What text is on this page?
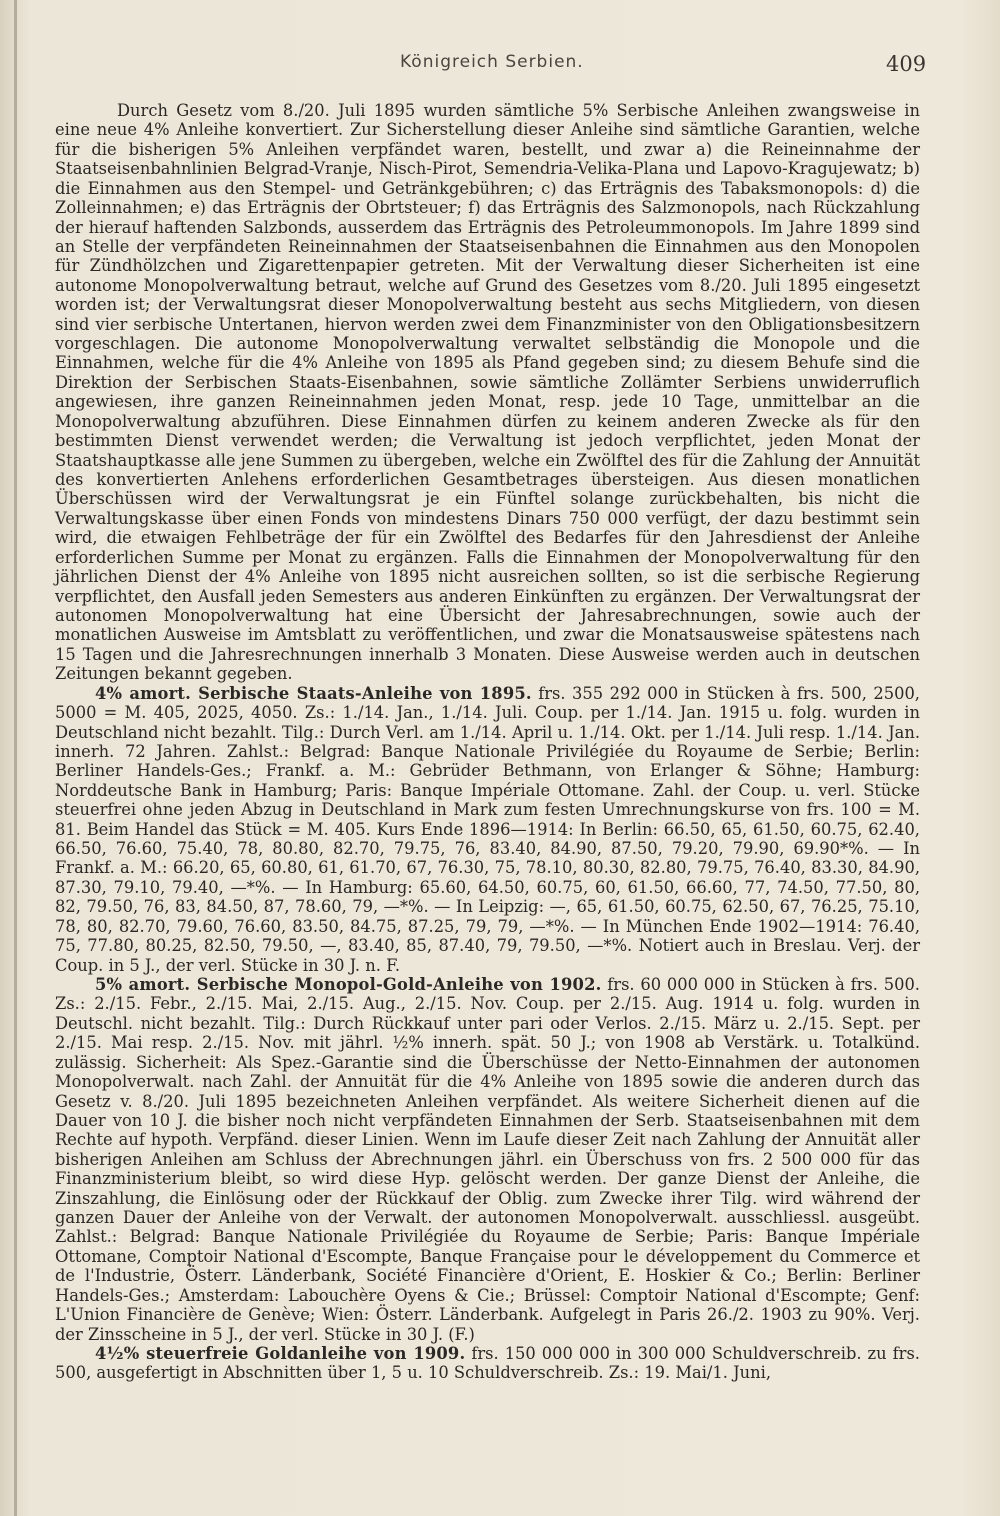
Königreich Serbien.	409

Durch Gesetz vom 8./20. Juli 1895 wurden sämtliche 5% Serbische Anleihen zwangsweise in eine neue 4% Anleihe konvertiert. Zur Sicherstellung dieser Anleihe sind sämtliche Garantien, welche für die bisherigen 5% Anleihen verpfändet waren, bestellt, und zwar a) die Reineinnahme der Staatseisenbahnlinien Belgrad-Vranje, Nisch-Pirot, Semendria-Velika-Plana und Lapovo-Kragujewatz; b) die Einnahmen aus den Stempel- und Getränkgebühren; c) das Erträgnis des Tabaksmonopols: d) die Zolleinnahmen; e) das Erträgnis der Obrtsteuer; f) das Erträgnis des Salzmonopols, nach Rückzahlung der hierauf haftenden Salzbonds, ausserdem das Erträgnis des Petroleummonopols. Im Jahre 1899 sind an Stelle der verpfändeten Reineinnahmen der Staatseisenbahnen die Einnahmen aus den Monopolen für Zündhölzchen und Zigarettenpapier getreten. Mit der Verwaltung dieser Sicherheiten ist eine autonome Monopolverwaltung betraut, welche auf Grund des Gesetzes vom 8./20. Juli 1895 eingesetzt worden ist; der Verwaltungsrat dieser Monopolverwaltung besteht aus sechs Mitgliedern, von diesen sind vier serbische Untertanen, hiervon werden zwei dem Finanzminister von den Obligationsbesitzern vorgeschlagen. Die autonome Monopolverwaltung verwaltet selbständig die Monopole und die Einnahmen, welche für die 4% Anleihe von 1895 als Pfand gegeben sind; zu diesem Behufe sind die Direktion der Serbischen Staats-Eisenbahnen, sowie sämtliche Zollämter Serbiens unwiderruflich angewiesen, ihre ganzen Reineinnahmen jeden Monat, resp. jede 10 Tage, unmittelbar an die Monopolverwaltung abzuführen. Diese Einnahmen dürfen zu keinem anderen Zwecke als für den bestimmten Dienst verwendet werden; die Verwaltung ist jedoch verpflichtet, jeden Monat der Staatshauptkasse alle jene Summen zu übergeben, welche ein Zwölftel des für die Zahlung der Annuität des konvertierten Anlehens erforderlichen Gesamtbetrages übersteigen. Aus diesen monatlichen Überschüssen wird der Verwaltungsrat je ein Fünftel solange zurückbehalten, bis nicht die Verwaltungskasse über einen Fonds von mindestens Dinars 750 000 verfügt, der dazu bestimmt sein wird, die etwaigen Fehlbeträge der für ein Zwölftel des Bedarfes für den Jahresdienst der Anleihe erforderlichen Summe per Monat zu ergänzen. Falls die Einnahmen der Monopolverwaltung für den jährlichen Dienst der 4% Anleihe von 1895 nicht ausreichen sollten, so ist die serbische Regierung verpflichtet, den Ausfall jeden Semesters aus anderen Einkünften zu ergänzen. Der Verwaltungsrat der autonomen Monopolverwaltung hat eine Übersicht der Jahresabrechnungen, sowie auch der monatlichen Ausweise im Amtsblatt zu veröffentlichen, und zwar die Monatsausweise spätestens nach 15 Tagen und die Jahresrechnungen innerhalb 3 Monaten. Diese Ausweise werden auch in deutschen Zeitungen bekannt gegeben.

4% amort. Serbische Staats-Anleihe von 1895. frs. 355 292 000 in Stücken à frs. 500, 2500, 5000 = M. 405, 2025, 4050. Zs.: 1./14. Jan., 1./14. Juli. Coup. per 1./14. Jan. 1915 u. folg. wurden in Deutschland nicht bezahlt. Tilg.: Durch Verl. am 1./14. April u. 1./14. Okt. per 1./14. Juli resp. 1./14. Jan. innerh. 72 Jahren. Zahlst.: Belgrad: Banque Nationale Privilégiée du Royaume de Serbie; Berlin: Berliner Handels-Ges.; Frankf. a. M.: Gebrüder Bethmann, von Erlanger & Söhne; Hamburg: Norddeutsche Bank in Hamburg; Paris: Banque Impériale Ottomane. Zahl. der Coup. u. verl. Stücke steuerfrei ohne jeden Abzug in Deutschland in Mark zum festen Umrechnungskurse von frs. 100 = M. 81. Beim Handel das Stück = M. 405. Kurs Ende 1896—1914: In Berlin: 66.50, 65, 61.50, 60.75, 62.40, 66.50, 76.60, 75.40, 78, 80.80, 82.70, 79.75, 76, 83.40, 84.90, 87.50, 79.20, 79.90, 69.90*%. — In Frankf. a. M.: 66.20, 65, 60.80, 61, 61.70, 67, 76.30, 75, 78.10, 80.30, 82.80, 79.75, 76.40, 83.30, 84.90, 87.30, 79.10, 79.40, —*%. — In Hamburg: 65.60, 64.50, 60.75, 60, 61.50, 66.60, 77, 74.50, 77.50, 80, 82, 79.50, 76, 83, 84.50, 87, 78.60, 79, —*%. — In Leipzig: —, 65, 61.50, 60.75, 62.50, 67, 76.25, 75.10, 78, 80, 82.70, 79.60, 76.60, 83.50, 84.75, 87.25, 79, 79, —*%. — In München Ende 1902—1914: 76.40, 75, 77.80, 80.25, 82.50, 79.50, —, 83.40, 85, 87.40, 79, 79.50, —*%. Notiert auch in Breslau. Verj. der Coup. in 5 J., der verl. Stücke in 30 J. n. F.

5% amort. Serbische Monopol-Gold-Anleihe von 1902. frs. 60 000 000 in Stücken à frs. 500. Zs.: 2./15. Febr., 2./15. Mai, 2./15. Aug., 2./15. Nov. Coup. per 2./15. Aug. 1914 u. folg. wurden in Deutschl. nicht bezahlt. Tilg.: Durch Rückkauf unter pari oder Verlos. 2./15. März u. 2./15. Sept. per 2./15. Mai resp. 2./15. Nov. mit jährl. ½% innerh. spät. 50 J.; von 1908 ab Verstärk. u. Totalkünd. zulässig. Sicherheit: Als Spez.-Garantie sind die Überschüsse der Netto-Einnahmen der autonomen Monopolverwalt. nach Zahl. der Annuität für die 4% Anleihe von 1895 sowie die anderen durch das Gesetz v. 8./20. Juli 1895 bezeichneten Anleihen verpfändet. Als weitere Sicherheit dienen auf die Dauer von 10 J. die bisher noch nicht verpfändeten Einnahmen der Serb. Staatseisenbahnen mit dem Rechte auf hypoth. Verpfänd. dieser Linien. Wenn im Laufe dieser Zeit nach Zahlung der Annuität aller bisherigen Anleihen am Schluss der Abrechnungen jährl. ein Überschuss von frs. 2 500 000 für das Finanzministerium bleibt, so wird diese Hyp. gelöscht werden. Der ganze Dienst der Anleihe, die Zinszahlung, die Einlösung oder der Rückkauf der Oblig. zum Zwecke ihrer Tilg. wird während der ganzen Dauer der Anleihe von der Verwalt. der autonomen Monopolverwalt. ausschliessl. ausgeübt. Zahlst.: Belgrad: Banque Nationale Privilégiée du Royaume de Serbie; Paris: Banque Impériale Ottomane, Comptoir National d'Escompte, Banque Française pour le développement du Commerce et de l'Industrie, Österr. Länderbank, Société Financière d'Orient, E. Hoskier & Co.; Berlin: Berliner Handels-Ges.; Amsterdam: Labouchère Oyens & Cie.; Brüssel: Comptoir National d'Escompte; Genf: L'Union Financière de Genève; Wien: Österr. Länderbank. Aufgelegt in Paris 26./2. 1903 zu 90%. Verj. der Zinsscheine in 5 J., der verl. Stücke in 30 J. (F.)

4½% steuerfreie Goldanleihe von 1909. frs. 150 000 000 in 300 000 Schuldverschreib. zu frs. 500, ausgefertigt in Abschnitten über 1, 5 u. 10 Schuldverschreib. Zs.: 19. Mai/1. Juni,
